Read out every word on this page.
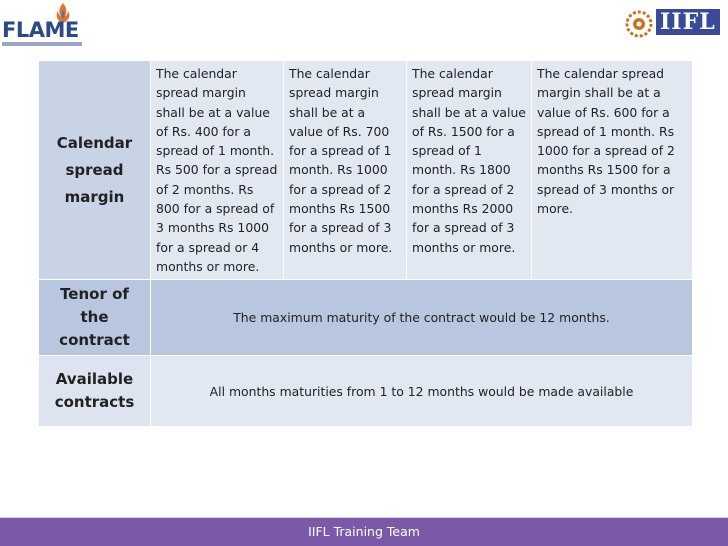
FLAME	IIFL
Calendar spread margin	The calendar spread margin shall be at a value of Rs. 400 for a spread of 1 month. Rs 500 for a spread of 2 months. Rs 800 for a spread of 3 months Rs 1000 for a spread or 4 months or more.	The calendar spread margin shall be at a value of Rs. 700 for a spread of 1 month. Rs 1000 for a spread of 2 months Rs 1500 for a spread of 3 months or more.	The calendar spread margin shall be at a value of Rs. 1500 for a spread of 1 month. Rs 1800 for a spread of 2 months Rs 2000 for a spread of 3 months or more.	The calendar spread margin shall be at a value of Rs. 600 for a spread of 1 month. Rs 1000 for a spread of 2 months Rs 1500 for a spread of 3 months or more.
Tenor of the contract	The maximum maturity of the contract would be 12 months.			
Available contracts	All months maturities from 1 to 12 months would be made available			
IIFL Training Team
